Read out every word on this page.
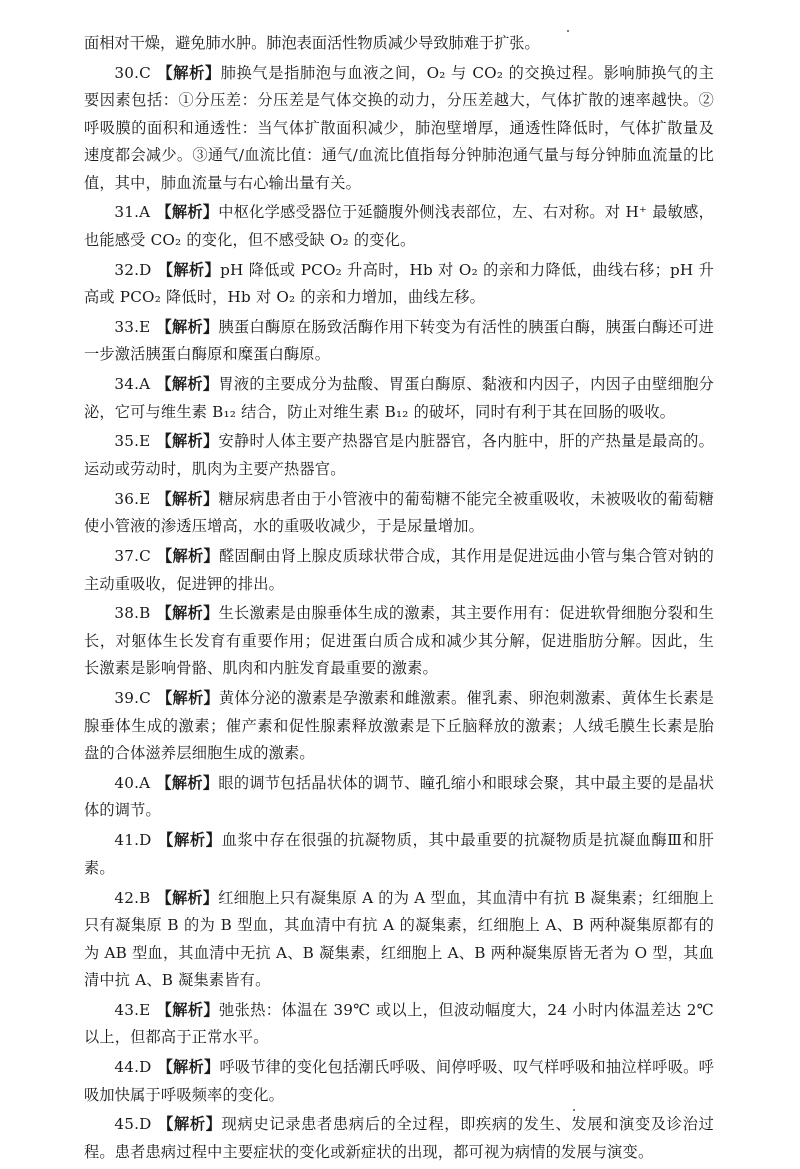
面相对干燥，避免肺水肿。肺泡表面活性物质减少导致肺难于扩张。

30.C 【解析】肺换气是指肺泡与血液之间，O₂ 与 CO₂ 的交换过程。影响肺换气的主要因素包括：①分压差：分压差是气体交换的动力，分压差越大，气体扩散的速率越快。②呼吸膜的面积和通透性：当气体扩散面积减少，肺泡壁增厚，通透性降低时，气体扩散量及速度都会减少。③通气/血流比值：通气/血流比值指每分钟肺泡通气量与每分钟肺血流量的比值，其中，肺血流量与右心输出量有关。

31.A 【解析】中枢化学感受器位于延髓腹外侧浅表部位，左、右对称。对 H⁺ 最敏感，也能感受 CO₂ 的变化，但不感受缺 O₂ 的变化。

32.D 【解析】pH 降低或 PCO₂ 升高时，Hb 对 O₂ 的亲和力降低，曲线右移；pH 升高或 PCO₂ 降低时，Hb 对 O₂ 的亲和力增加，曲线左移。

33.E 【解析】胰蛋白酶原在肠致活酶作用下转变为有活性的胰蛋白酶，胰蛋白酶还可进一步激活胰蛋白酶原和糜蛋白酶原。

34.A 【解析】胃液的主要成分为盐酸、胃蛋白酶原、黏液和内因子，内因子由壁细胞分泌，它可与维生素 B₁₂ 结合，防止对维生素 B₁₂ 的破坏，同时有利于其在回肠的吸收。

35.E 【解析】安静时人体主要产热器官是内脏器官，各内脏中，肝的产热量是最高的。运动或劳动时，肌肉为主要产热器官。

36.E 【解析】糖尿病患者由于小管液中的葡萄糖不能完全被重吸收，未被吸收的葡萄糖使小管液的渗透压增高，水的重吸收减少，于是尿量增加。

37.C 【解析】醛固酮由肾上腺皮质球状带合成，其作用是促进远曲小管与集合管对钠的主动重吸收，促进钾的排出。

38.B 【解析】生长激素是由腺垂体生成的激素，其主要作用有：促进软骨细胞分裂和生长，对躯体生长发育有重要作用；促进蛋白质合成和减少其分解，促进脂肪分解。因此，生长激素是影响骨骼、肌肉和内脏发育最重要的激素。

39.C 【解析】黄体分泌的激素是孕激素和雌激素。催乳素、卵泡刺激素、黄体生长素是腺垂体生成的激素；催产素和促性腺素释放激素是下丘脑释放的激素；人绒毛膜生长素是胎盘的合体滋养层细胞生成的激素。

40.A 【解析】眼的调节包括晶状体的调节、瞳孔缩小和眼球会聚，其中最主要的是晶状体的调节。

41.D 【解析】血浆中存在很强的抗凝物质，其中最重要的抗凝物质是抗凝血酶Ⅲ和肝素。

42.B 【解析】红细胞上只有凝集原 A 的为 A 型血，其血清中有抗 B 凝集素；红细胞上只有凝集原 B 的为 B 型血，其血清中有抗 A 的凝集素，红细胞上 A、B 两种凝集原都有的为 AB 型血，其血清中无抗 A、B 凝集素，红细胞上 A、B 两种凝集原皆无者为 O 型，其血清中抗 A、B 凝集素皆有。

43.E 【解析】弛张热：体温在 39℃ 或以上，但波动幅度大，24 小时内体温差达 2℃ 以上，但都高于正常水平。

44.D 【解析】呼吸节律的变化包括潮氏呼吸、间停呼吸、叹气样呼吸和抽泣样呼吸。呼吸加快属于呼吸频率的变化。

45.D 【解析】现病史记录患者患病后的全过程，即疾病的发生、发展和演变及诊治过程。患者患病过程中主要症状的变化或新症状的出现，都可视为病情的发展与演变。
